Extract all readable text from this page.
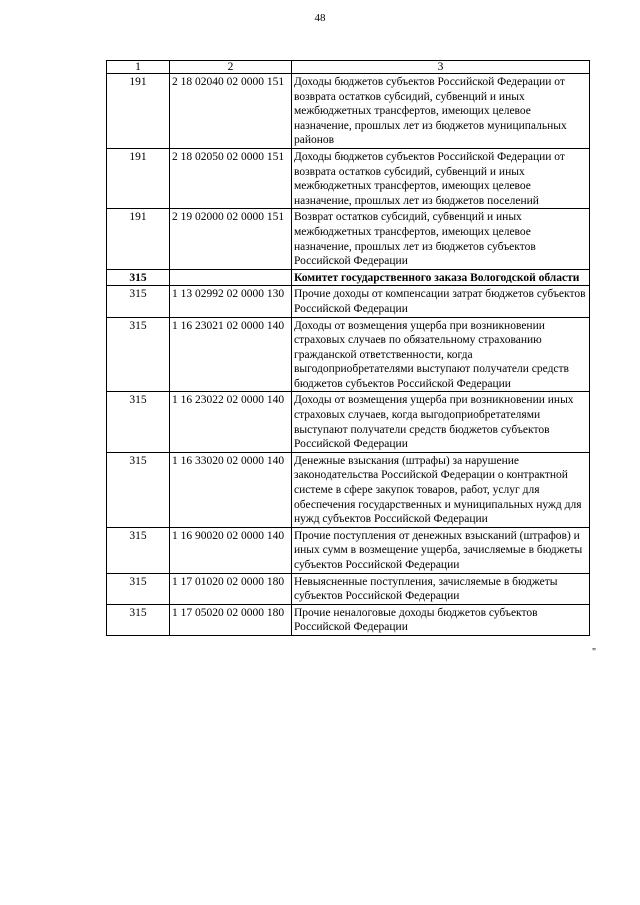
48
1	2	3
191	2 18 02040 02 0000 151	Доходы бюджетов субъектов Российской Федерации от возврата остатков субсидий, субвенций и иных межбюджетных трансфертов, имеющих целевое назначение, прошлых лет из бюджетов муниципальных районов
191	2 18 02050 02 0000 151	Доходы бюджетов субъектов Российской Федерации от возврата остатков субсидий, субвенций и иных межбюджетных трансфертов, имеющих целевое назначение, прошлых лет из бюджетов поселений
191	2 19 02000 02 0000 151	Возврат остатков субсидий, субвенций и иных межбюджетных трансфертов, имеющих целевое назначение, прошлых лет из бюджетов субъектов Российской Федерации
315		Комитет государственного заказа Вологодской области
315	1 13 02992 02 0000 130	Прочие доходы от компенсации затрат бюджетов субъектов Российской Федерации
315	1 16 23021 02 0000 140	Доходы от возмещения ущерба при возникновении страховых случаев по обязательному страхованию гражданской ответственности, когда выгодоприобретателями выступают получатели средств бюджетов субъектов Российской Федерации
315	1 16 23022 02 0000 140	Доходы от возмещения ущерба при возникновении иных страховых случаев, когда выгодоприобретателями выступают получатели средств бюджетов субъектов Российской Федерации
315	1 16 33020 02 0000 140	Денежные взыскания (штрафы) за нарушение законодательства Российской Федерации о контрактной системе в сфере закупок товаров, работ, услуг для обеспечения государственных и муниципальных нужд для нужд субъектов Российской Федерации
315	1 16 90020 02 0000 140	Прочие поступления от денежных взысканий (штрафов) и иных сумм в возмещение ущерба, зачисляемые в бюджеты субъектов Российской Федерации
315	1 17 01020 02 0000 180	Невыясненные поступления, зачисляемые в бюджеты субъектов Российской Федерации
315	1 17 05020 02 0000 180	Прочие неналоговые доходы бюджетов субъектов Российской Федерации
"
